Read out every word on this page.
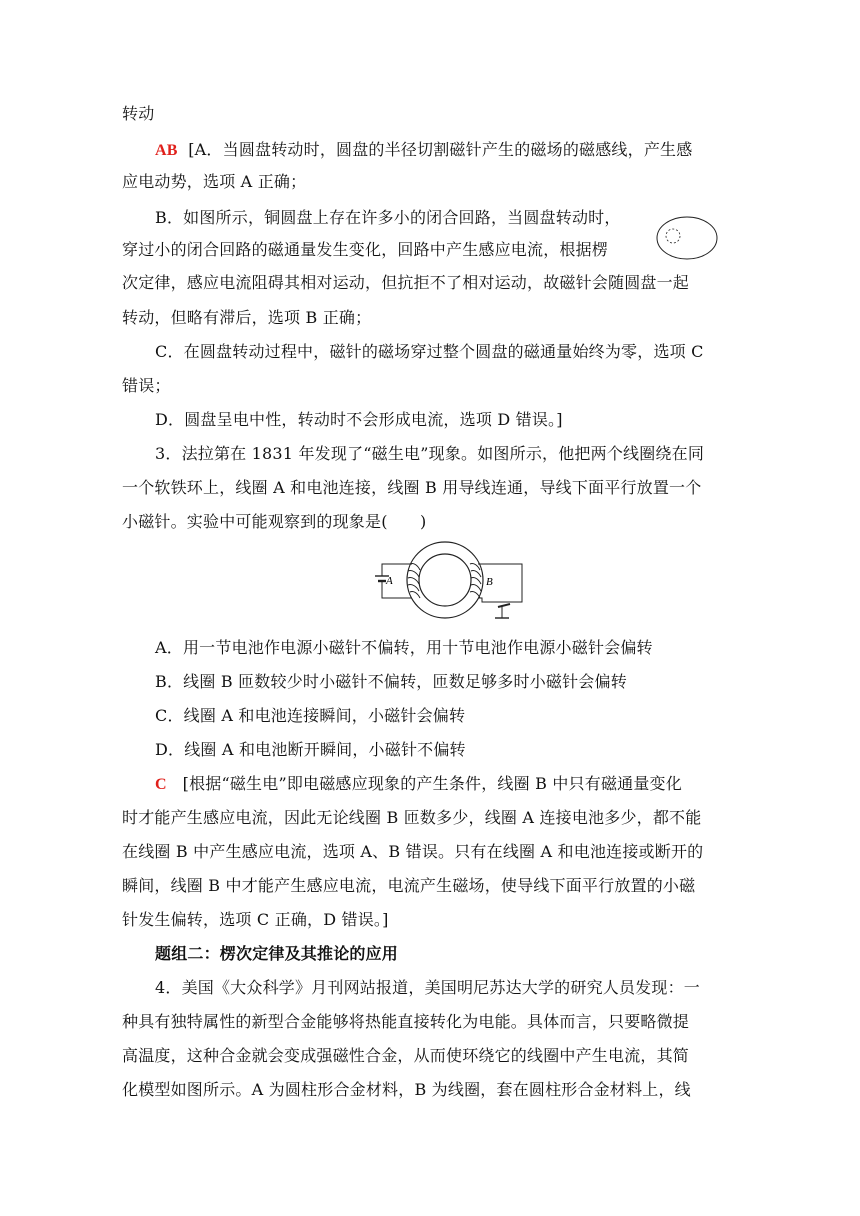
转动
AB [A．当圆盘转动时，圆盘的半径切割磁针产生的磁场的磁感线，产生感
应电动势，选项 A 正确；
B．如图所示，铜圆盘上存在许多小的闭合回路，当圆盘转动时，
穿过小的闭合回路的磁通量发生变化，回路中产生感应电流，根据楞
次定律，感应电流阻碍其相对运动，但抗拒不了相对运动，故磁针会随圆盘一起
转动，但略有滞后，选项 B 正确；
C．在圆盘转动过程中，磁针的磁场穿过整个圆盘的磁通量始终为零，选项 C
错误；
D．圆盘呈电中性，转动时不会形成电流，选项 D 错误。]
3．法拉第在 1831 年发现了“磁生电”现象。如图所示，他把两个线圈绕在同
一个软铁环上，线圈 A 和电池连接，线圈 B 用导线连通，导线下面平行放置一个
小磁针。实验中可能观察到的现象是(　　)
A	B
A．用一节电池作电源小磁针不偏转，用十节电池作电源小磁针会偏转
B．线圈 B 匝数较少时小磁针不偏转，匝数足够多时小磁针会偏转
C．线圈 A 和电池连接瞬间，小磁针会偏转
D．线圈 A 和电池断开瞬间，小磁针不偏转
C [根据“磁生电”即电磁感应现象的产生条件，线圈 B 中只有磁通量变化
时才能产生感应电流，因此无论线圈 B 匝数多少，线圈 A 连接电池多少，都不能
在线圈 B 中产生感应电流，选项 A、B 错误。只有在线圈 A 和电池连接或断开的
瞬间，线圈 B 中才能产生感应电流，电流产生磁场，使导线下面平行放置的小磁
针发生偏转，选项 C 正确，D 错误。]
题组二：楞次定律及其推论的应用
4．美国《大众科学》月刊网站报道，美国明尼苏达大学的研究人员发现：一
种具有独特属性的新型合金能够将热能直接转化为电能。具体而言，只要略微提
高温度，这种合金就会变成强磁性合金，从而使环绕它的线圈中产生电流，其简
化模型如图所示。A 为圆柱形合金材料，B 为线圈，套在圆柱形合金材料上，线
